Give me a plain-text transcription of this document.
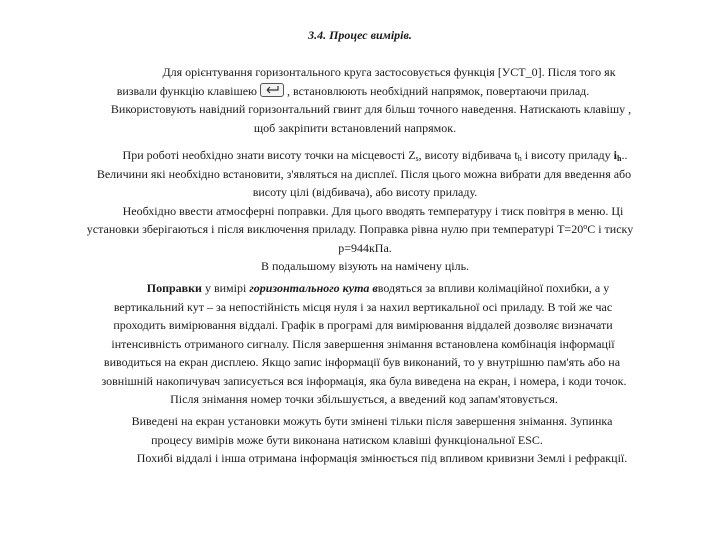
3.4. Процес вимірів.
Для орієнтування горизонтального круга застосовується функція [УСТ_0]. Після того як
визвали функцію клавішею	, встановлюють необхідний напрямок, повертаючи прилад.
Використовують навідний горизонтальний гвинт для більш точного наведення. Натискають клавішу ,
щоб закріпити встановлений напрямок.
При роботі необхідно знати висоту точки на місцевості $Z_s$, висоту відбивача $t_h$ і висоту приладу $i_h$..
Величини які необхідно встановити, з'являться на дисплеї. Після цього можна вибрати для введення або
висоту цілі (відбивача), або висоту приладу.
Необхідно ввести атмосферні поправки. Для цього вводять температуру і тиск повітря в меню. Ці
установки зберігаються і після виключення приладу. Поправка рівна нулю при температурі $Т=20^оС$ і тиску
р=944кПа.
В подальшому візують на намічену ціль.
Поправки у вимірі горизонтального кута вводяться за впливи колімаційної похибки, а у
вертикальний кут – за непостійність місця нуля і за нахил вертикальної осі приладу. В той же час
проходить вимірювання віддалі. Графік в програмі для вимірювання віддалей дозволяє визначати
інтенсивність отриманого сигналу. Після завершення знімання встановлена комбінація інформації
виводиться на екран дисплею. Якщо запис інформації був виконаний, то у внутрішню пам'ять або на
зовнішній накопичувач записується вся інформація, яка була виведена на екран, і номера, і коди точок.
Після знімання номер точки збільшується, а введений код запам'ятовується.
Виведені на екран установки можуть бути змінені тільки після завершення знімання. Зупинка
процесу вимірів може бути виконана натиском клавіші функціональної ESC.
Похибі віддалі і інша отримана інформація змінюється під впливом кривизни Землі і рефракції.
